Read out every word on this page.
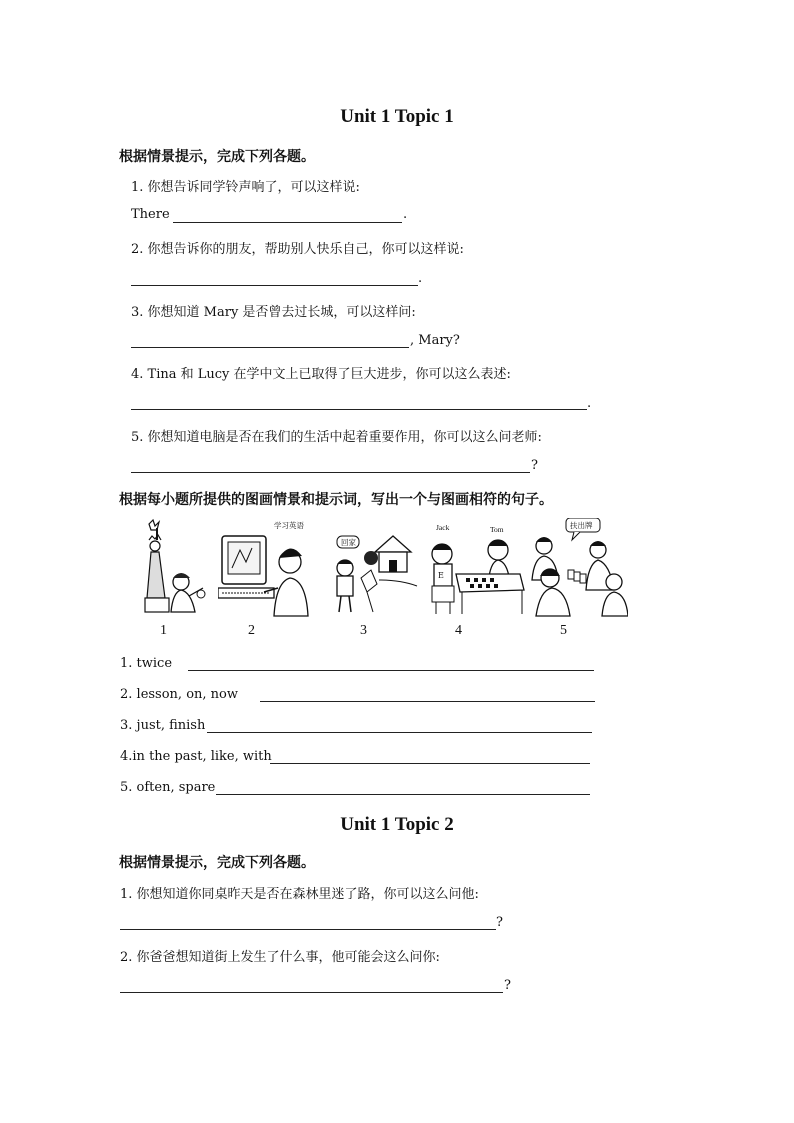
Unit 1 Topic 1
根据情景提示，完成下列各题。
1. 你想告诉同学铃声响了，可以这样说:
There	.
2. 你想告诉你的朋友，帮助别人快乐自己，你可以这样说:
.
3. 你想知道 Mary 是否曾去过长城，可以这样问:
, Mary?
4. Tina 和 Lucy 在学中文上已取得了巨大进步，你可以这么表述:
.
5. 你想知道电脑是否在我们的生活中起着重要作用，你可以这么问老师:
?
根据每小题所提供的图画情景和提示词，写出一个与图画相符的句子。
学习英语
回家
Jack	Tom
E
扶出牌
1	2	3	4	5
1. twice
2. lesson, on, now
3. just, finish
4.in the past, like, with
5. often, spare
Unit 1 Topic 2
根据情景提示，完成下列各题。
1. 你想知道你同桌昨天是否在森林里迷了路，你可以这么问他:
?
2. 你爸爸想知道街上发生了什么事，他可能会这么问你:
?
